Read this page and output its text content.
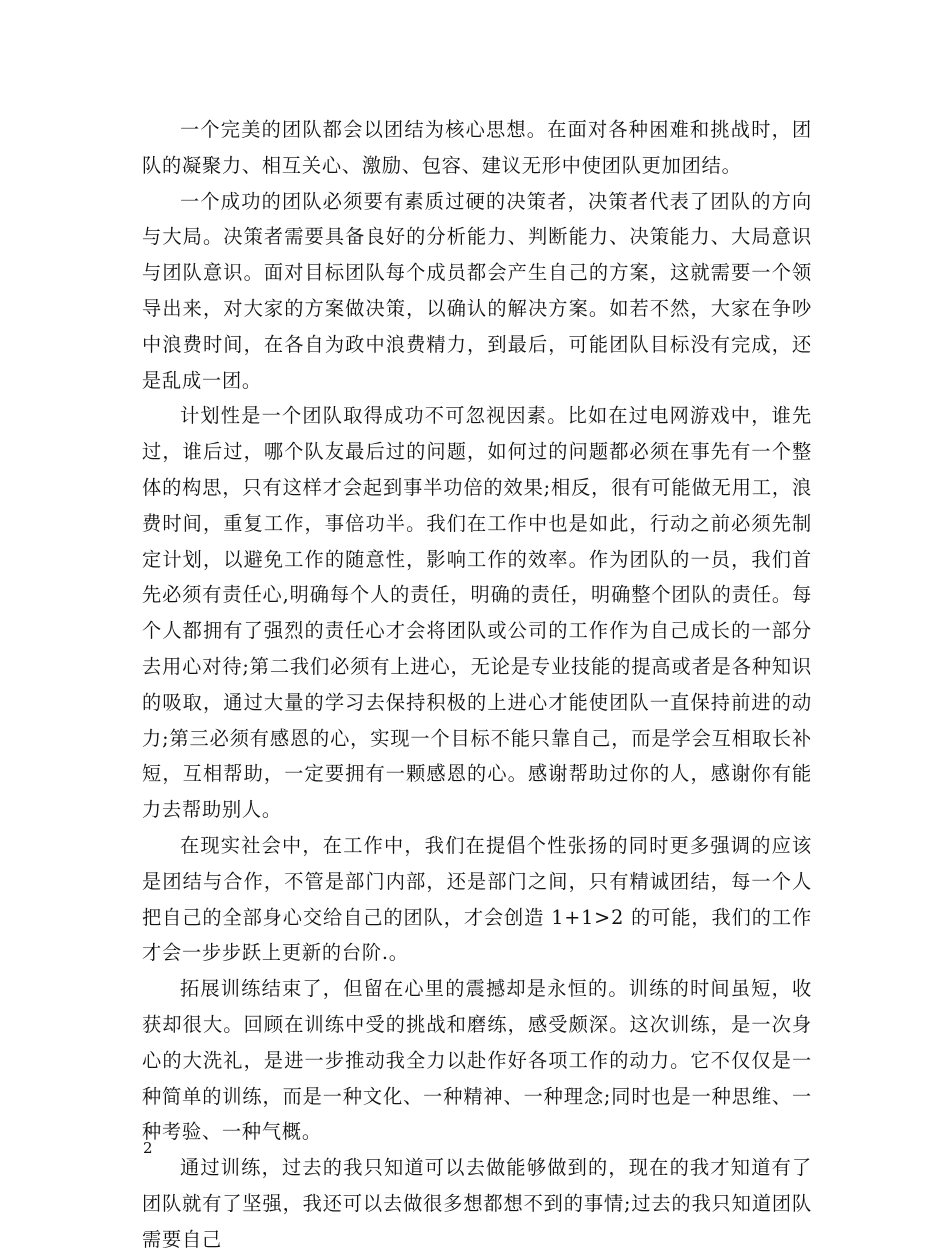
一个完美的团队都会以团结为核心思想。在面对各种困难和挑战时，团队的凝聚力、相互关心、激励、包容、建议无形中使团队更加团结。

一个成功的团队必须要有素质过硬的决策者，决策者代表了团队的方向与大局。决策者需要具备良好的分析能力、判断能力、决策能力、大局意识与团队意识。面对目标团队每个成员都会产生自己的方案，这就需要一个领导出来，对大家的方案做决策，以确认的解决方案。如若不然，大家在争吵中浪费时间，在各自为政中浪费精力，到最后，可能团队目标没有完成，还是乱成一团。

计划性是一个团队取得成功不可忽视因素。比如在过电网游戏中，谁先过，谁后过，哪个队友最后过的问题，如何过的问题都必须在事先有一个整体的构思，只有这样才会起到事半功倍的效果;相反，很有可能做无用工，浪费时间，重复工作，事倍功半。我们在工作中也是如此，行动之前必须先制定计划，以避免工作的随意性，影响工作的效率。作为团队的一员，我们首先必须有责任心,明确每个人的责任，明确的责任，明确整个团队的责任。每个人都拥有了强烈的责任心才会将团队或公司的工作作为自己成长的一部分去用心对待;第二我们必须有上进心，无论是专业技能的提高或者是各种知识的吸取，通过大量的学习去保持积极的上进心才能使团队一直保持前进的动力;第三必须有感恩的心，实现一个目标不能只靠自己，而是学会互相取长补短，互相帮助，一定要拥有一颗感恩的心。感谢帮助过你的人，感谢你有能力去帮助别人。

在现实社会中，在工作中，我们在提倡个性张扬的同时更多强调的应该是团结与合作，不管是部门内部，还是部门之间，只有精诚团结，每一个人把自己的全部身心交给自己的团队，才会创造 1+1>2 的可能，我们的工作才会一步步跃上更新的台阶.。

拓展训练结束了，但留在心里的震撼却是永恒的。训练的时间虽短，收获却很大。回顾在训练中受的挑战和磨练，感受颇深。这次训练，是一次身心的大洗礼，是进一步推动我全力以赴作好各项工作的动力。它不仅仅是一种简单的训练，而是一种文化、一种精神、一种理念;同时也是一种思维、一种考验、一种气概。

通过训练，过去的我只知道可以去做能够做到的，现在的我才知道有了团队就有了坚强，我还可以去做很多想都想不到的事情;过去的我只知道团队需要自己

2
